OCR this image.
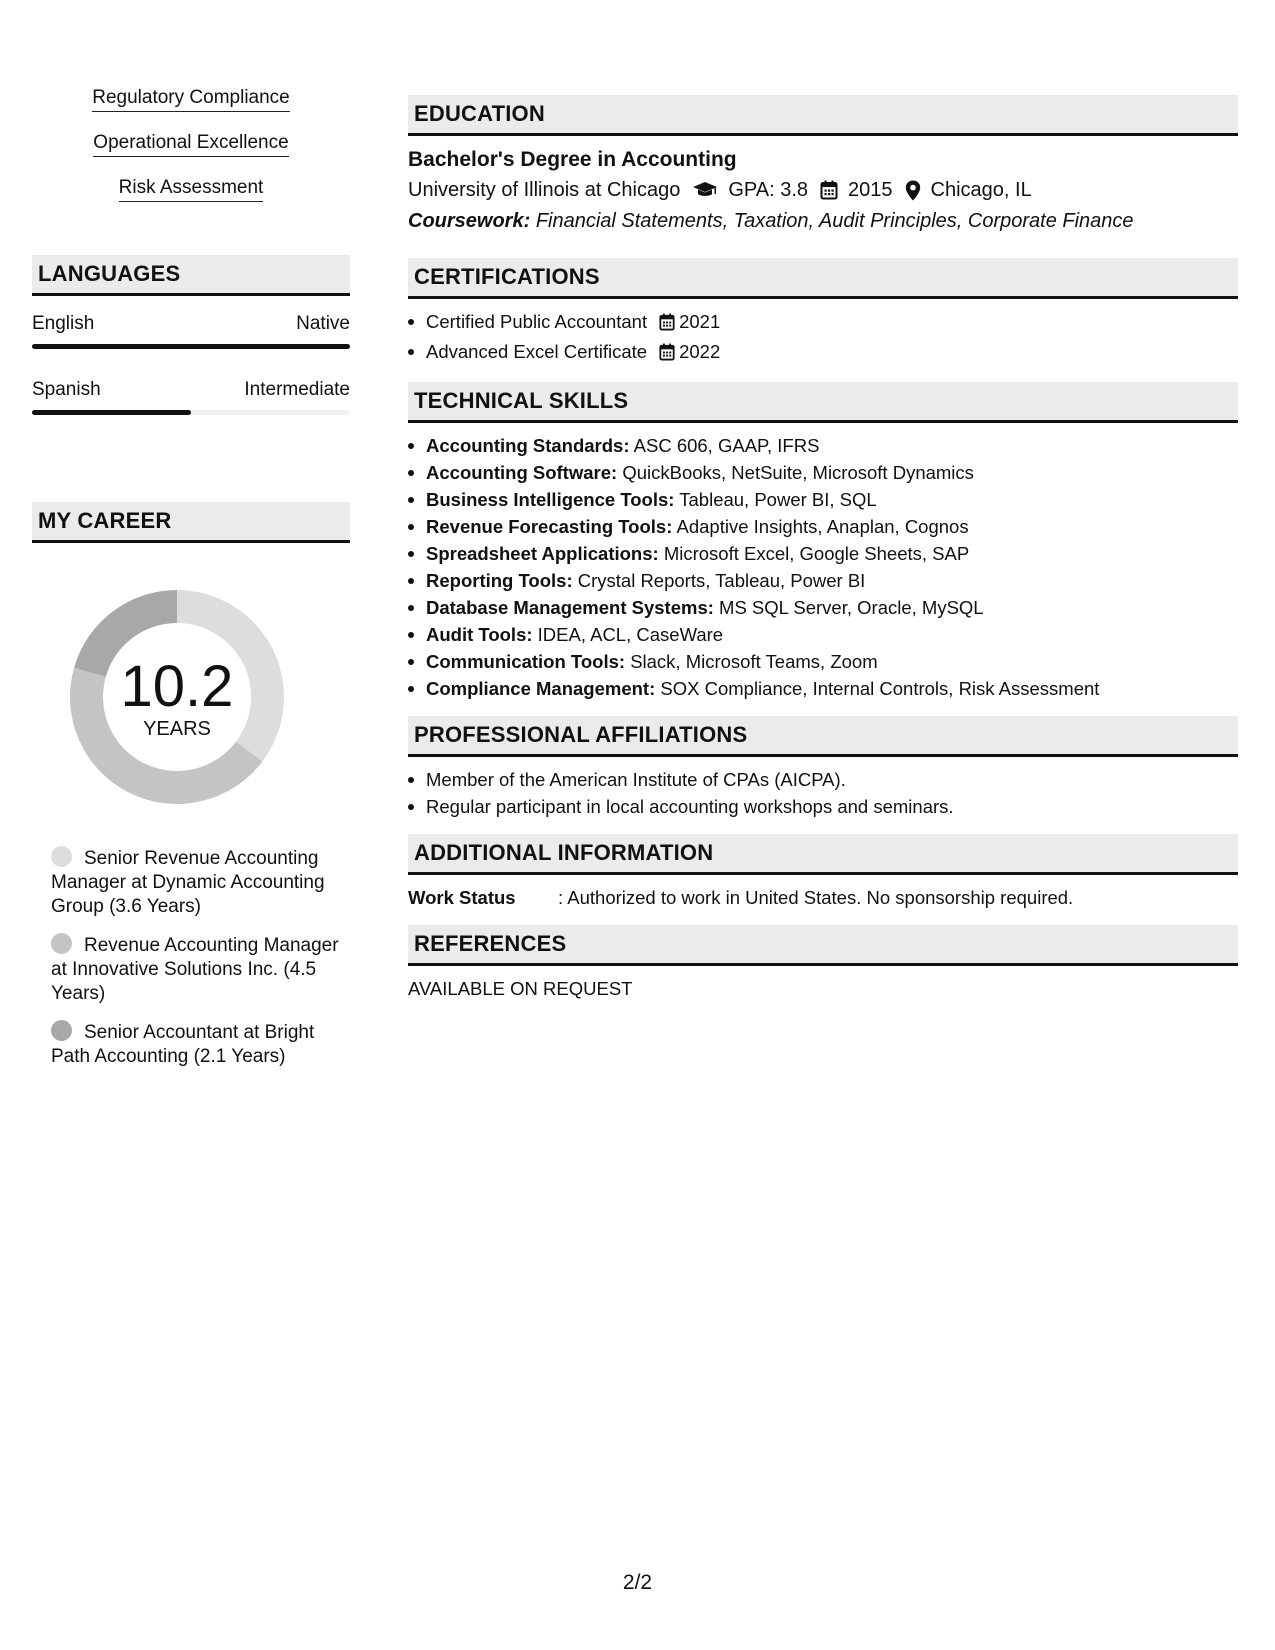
Regulatory Compliance
Operational Excellence
Risk Assessment
LANGUAGES
English	Native
Spanish	Intermediate
MY CAREER
10.2
YEARS
Senior Revenue Accounting Manager at Dynamic Accounting Group (3.6 Years)
Revenue Accounting Manager at Innovative Solutions Inc. (4.5 Years)
Senior Accountant at Bright Path Accounting (2.1 Years)
EDUCATION
Bachelor's Degree in Accounting
University of Illinois at Chicago GPA: 3.8 2015 Chicago, IL
Coursework: Financial Statements, Taxation, Audit Principles, Corporate Finance
CERTIFICATIONS
Certified Public Accountant 2021
Advanced Excel Certificate 2022
TECHNICAL SKILLS
Accounting Standards: ASC 606, GAAP, IFRS
Accounting Software: QuickBooks, NetSuite, Microsoft Dynamics
Business Intelligence Tools: Tableau, Power BI, SQL
Revenue Forecasting Tools: Adaptive Insights, Anaplan, Cognos
Spreadsheet Applications: Microsoft Excel, Google Sheets, SAP
Reporting Tools: Crystal Reports, Tableau, Power BI
Database Management Systems: MS SQL Server, Oracle, MySQL
Audit Tools: IDEA, ACL, CaseWare
Communication Tools: Slack, Microsoft Teams, Zoom
Compliance Management: SOX Compliance, Internal Controls, Risk Assessment
PROFESSIONAL AFFILIATIONS
Member of the American Institute of CPAs (AICPA).
Regular participant in local accounting workshops and seminars.
ADDITIONAL INFORMATION
Work Status	: Authorized to work in United States. No sponsorship required.
REFERENCES
AVAILABLE ON REQUEST
2/2
